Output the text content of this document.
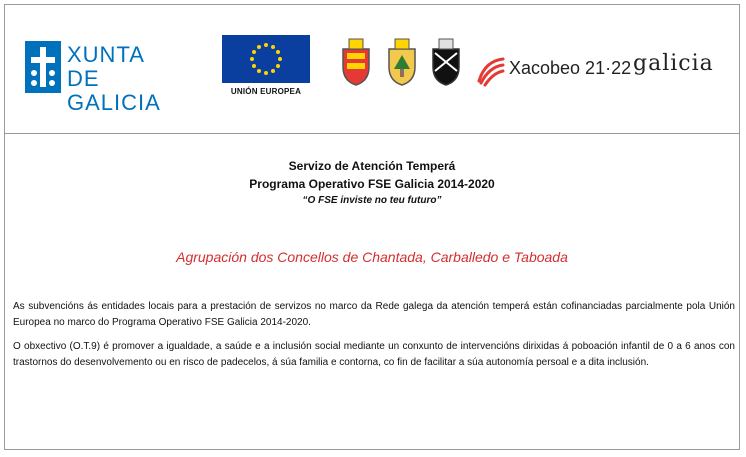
XUNTA
DE GALICIA	UNIÓN EUROPEA
Xacobeo 21·22 galicia
Servizo de Atención Temperá
Programa Operativo FSE Galicia 2014-2020
“O FSE inviste no teu futuro”
Agrupación dos Concellos de Chantada, Carballedo e Taboada
As subvencións ás entidades locais para a prestación de servizos no marco da Rede galega da atención temperá están cofinanciadas parcialmente pola Unión Europea no marco do Programa Operativo FSE Galicia 2014-2020.
O obxectivo (O.T.9) é promover a igualdade, a saúde e a inclusión social mediante un conxunto de intervencións dirixidas á poboación infantil de 0 a 6 anos con trastornos do desenvolvemento ou en risco de padecelos, á súa familia e contorna, co fin de facilitar a súa autonomía persoal e a dita inclusión.
